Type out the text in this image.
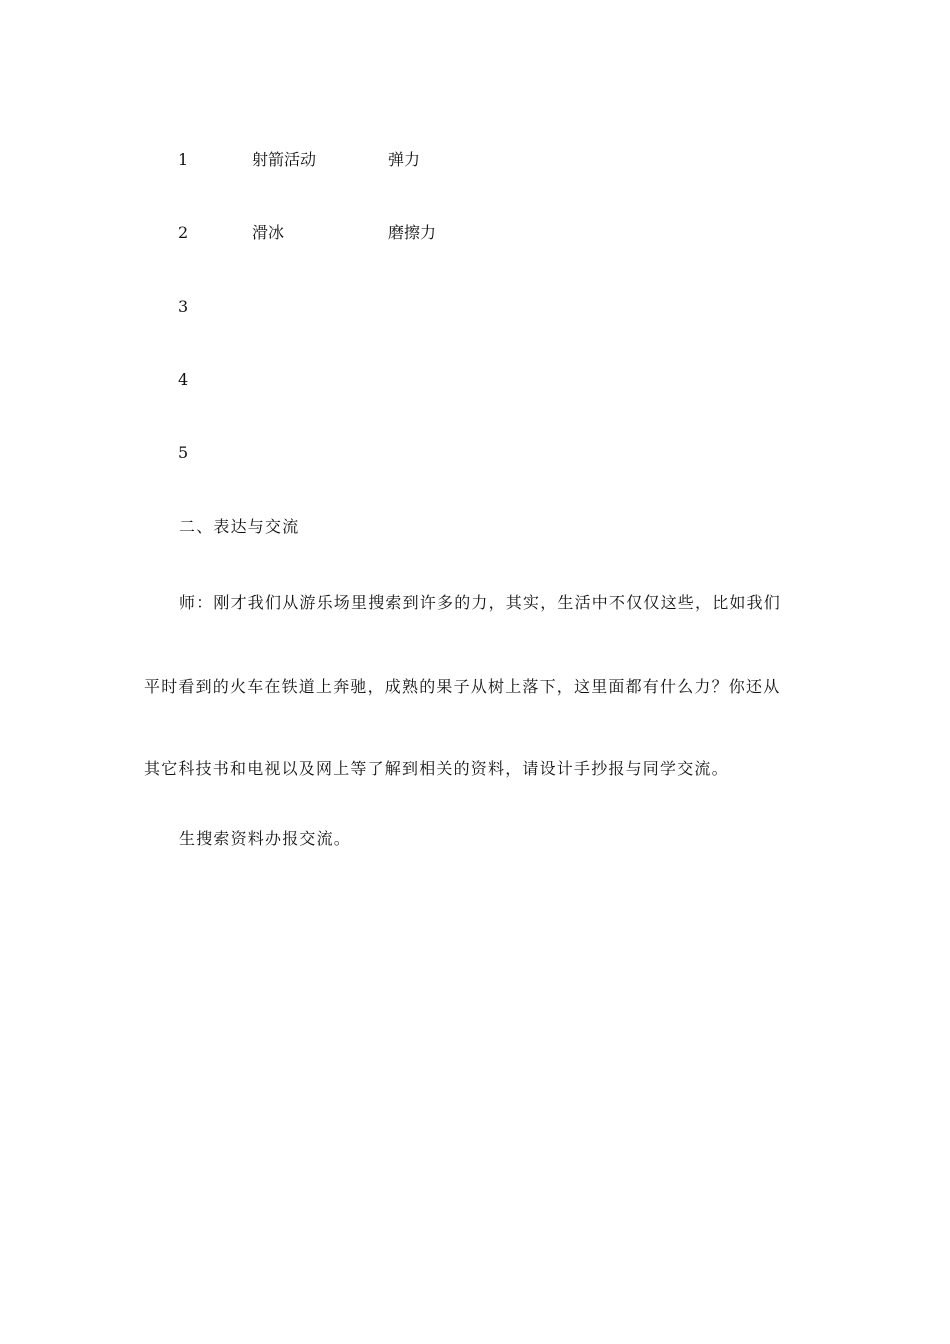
1	射箭活动	弹力
2	滑冰	磨擦力
3
4
5
二、表达与交流
师：刚才我们从游乐场里搜索到许多的力，其实，生活中不仅仅这些，比如我们
平时看到的火车在铁道上奔驰，成熟的果子从树上落下，这里面都有什么力？你还从
其它科技书和电视以及网上等了解到相关的资料，请设计手抄报与同学交流。
生搜索资料办报交流。
